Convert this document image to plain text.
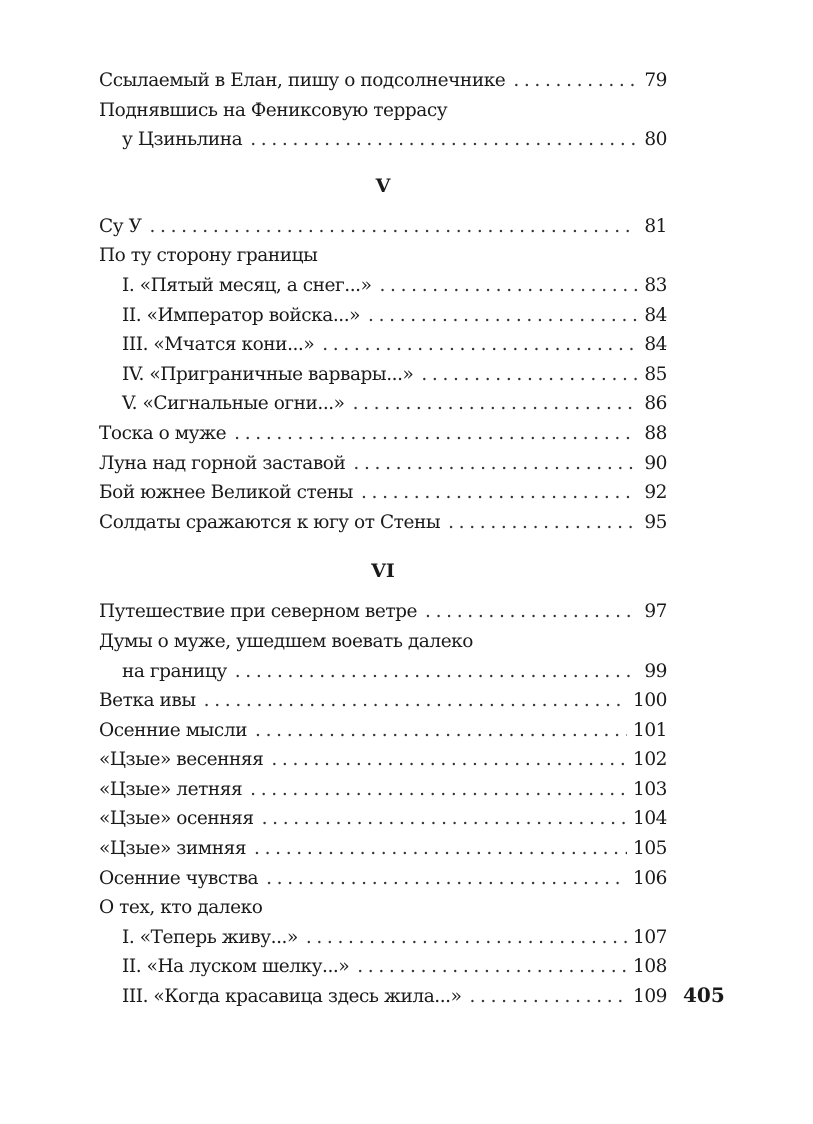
Ссылаемый в Елан, пишу о подсолнечнике . . .	79
Поднявшись на Фениксовую террасу
у Цзиньлина . . .	80
V
Су У . . .	81
По ту сторону границы
I. «Пятый месяц, а снег...» . . .	83
II. «Император войска...» . . .	84
III. «Мчатся кони...» . . .	84
IV. «Приграничные варвары...» . . .	85
V. «Сигнальные огни...» . . .	86
Тоска о муже . . .	88
Луна над горной заставой . . .	90
Бой южнее Великой стены . . .	92
Солдаты сражаются к югу от Стены . . .	95
VI
Путешествие при северном ветре . . .	97
Думы о муже, ушедшем воевать далеко
на границу . . .	99
Ветка ивы . . .	100
Осенние мысли . . .	101
«Цзые» весенняя . . .	102
«Цзые» летняя . . .	103
«Цзые» осенняя . . .	104
«Цзые» зимняя . . .	105
Осенние чувства . . .	106
О тех, кто далеко
I. «Теперь живу...» . . .	107
II. «На луском шелку...» . . .	108
III. «Когда красавица здесь жила...» . . .	109 405
